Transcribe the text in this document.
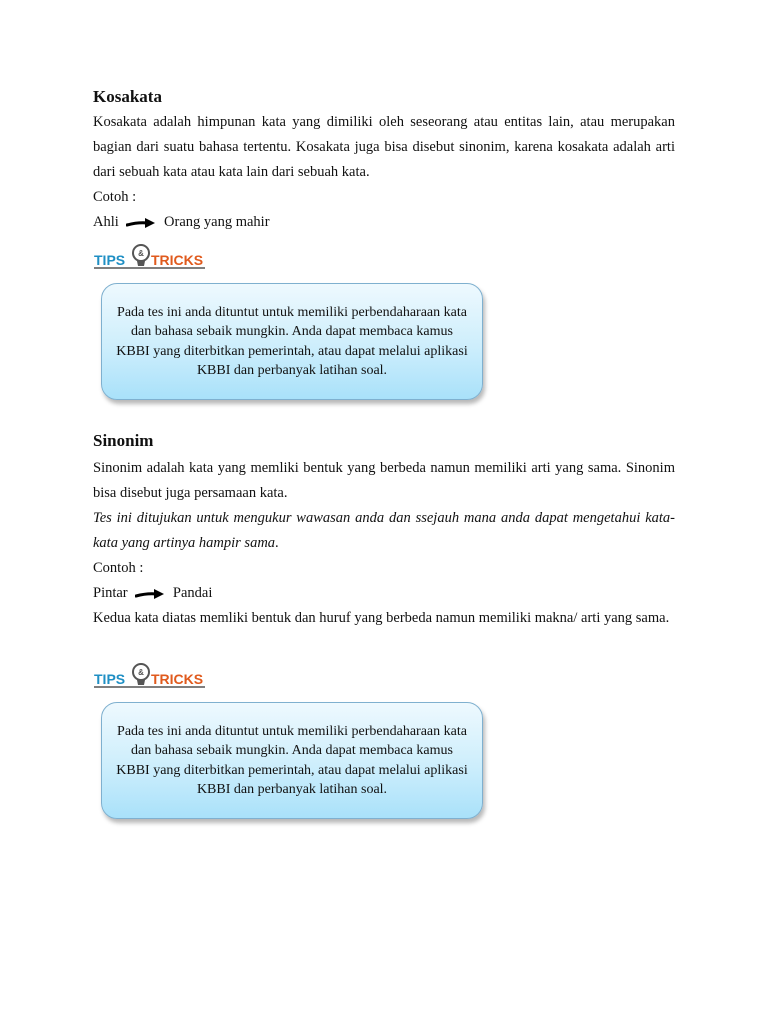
Kosakata

Kosakata adalah himpunan kata yang dimiliki oleh seseorang atau entitas lain, atau merupakan bagian dari suatu bahasa tertentu. Kosakata juga bisa disebut sinonim, karena kosakata adalah arti dari sebuah kata atau kata lain dari sebuah kata.

Cotoh :
Ahli	Orang yang mahir
TIPS & TRICKS
Pada tes ini anda dituntut untuk memiliki perbendaharaan kata dan bahasa sebaik mungkin. Anda dapat membaca kamus KBBI yang diterbitkan pemerintah, atau dapat melalui aplikasi KBBI dan perbanyak latihan soal.
Sinonim

Sinonim adalah kata yang memliki bentuk yang berbeda namun memiliki arti yang sama. Sinonim bisa disebut juga persamaan kata.

Tes ini ditujukan untuk mengukur wawasan anda dan ssejauh mana anda dapat mengetahui kata-kata yang artinya hampir sama.

Contoh :
Pintar	Pandai

Kedua kata diatas memliki bentuk dan huruf yang berbeda namun memiliki makna/ arti yang sama.

TIPS & TRICKS
Pada tes ini anda dituntut untuk memiliki perbendaharaan kata dan bahasa sebaik mungkin. Anda dapat membaca kamus KBBI yang diterbitkan pemerintah, atau dapat melalui aplikasi KBBI dan perbanyak latihan soal.
